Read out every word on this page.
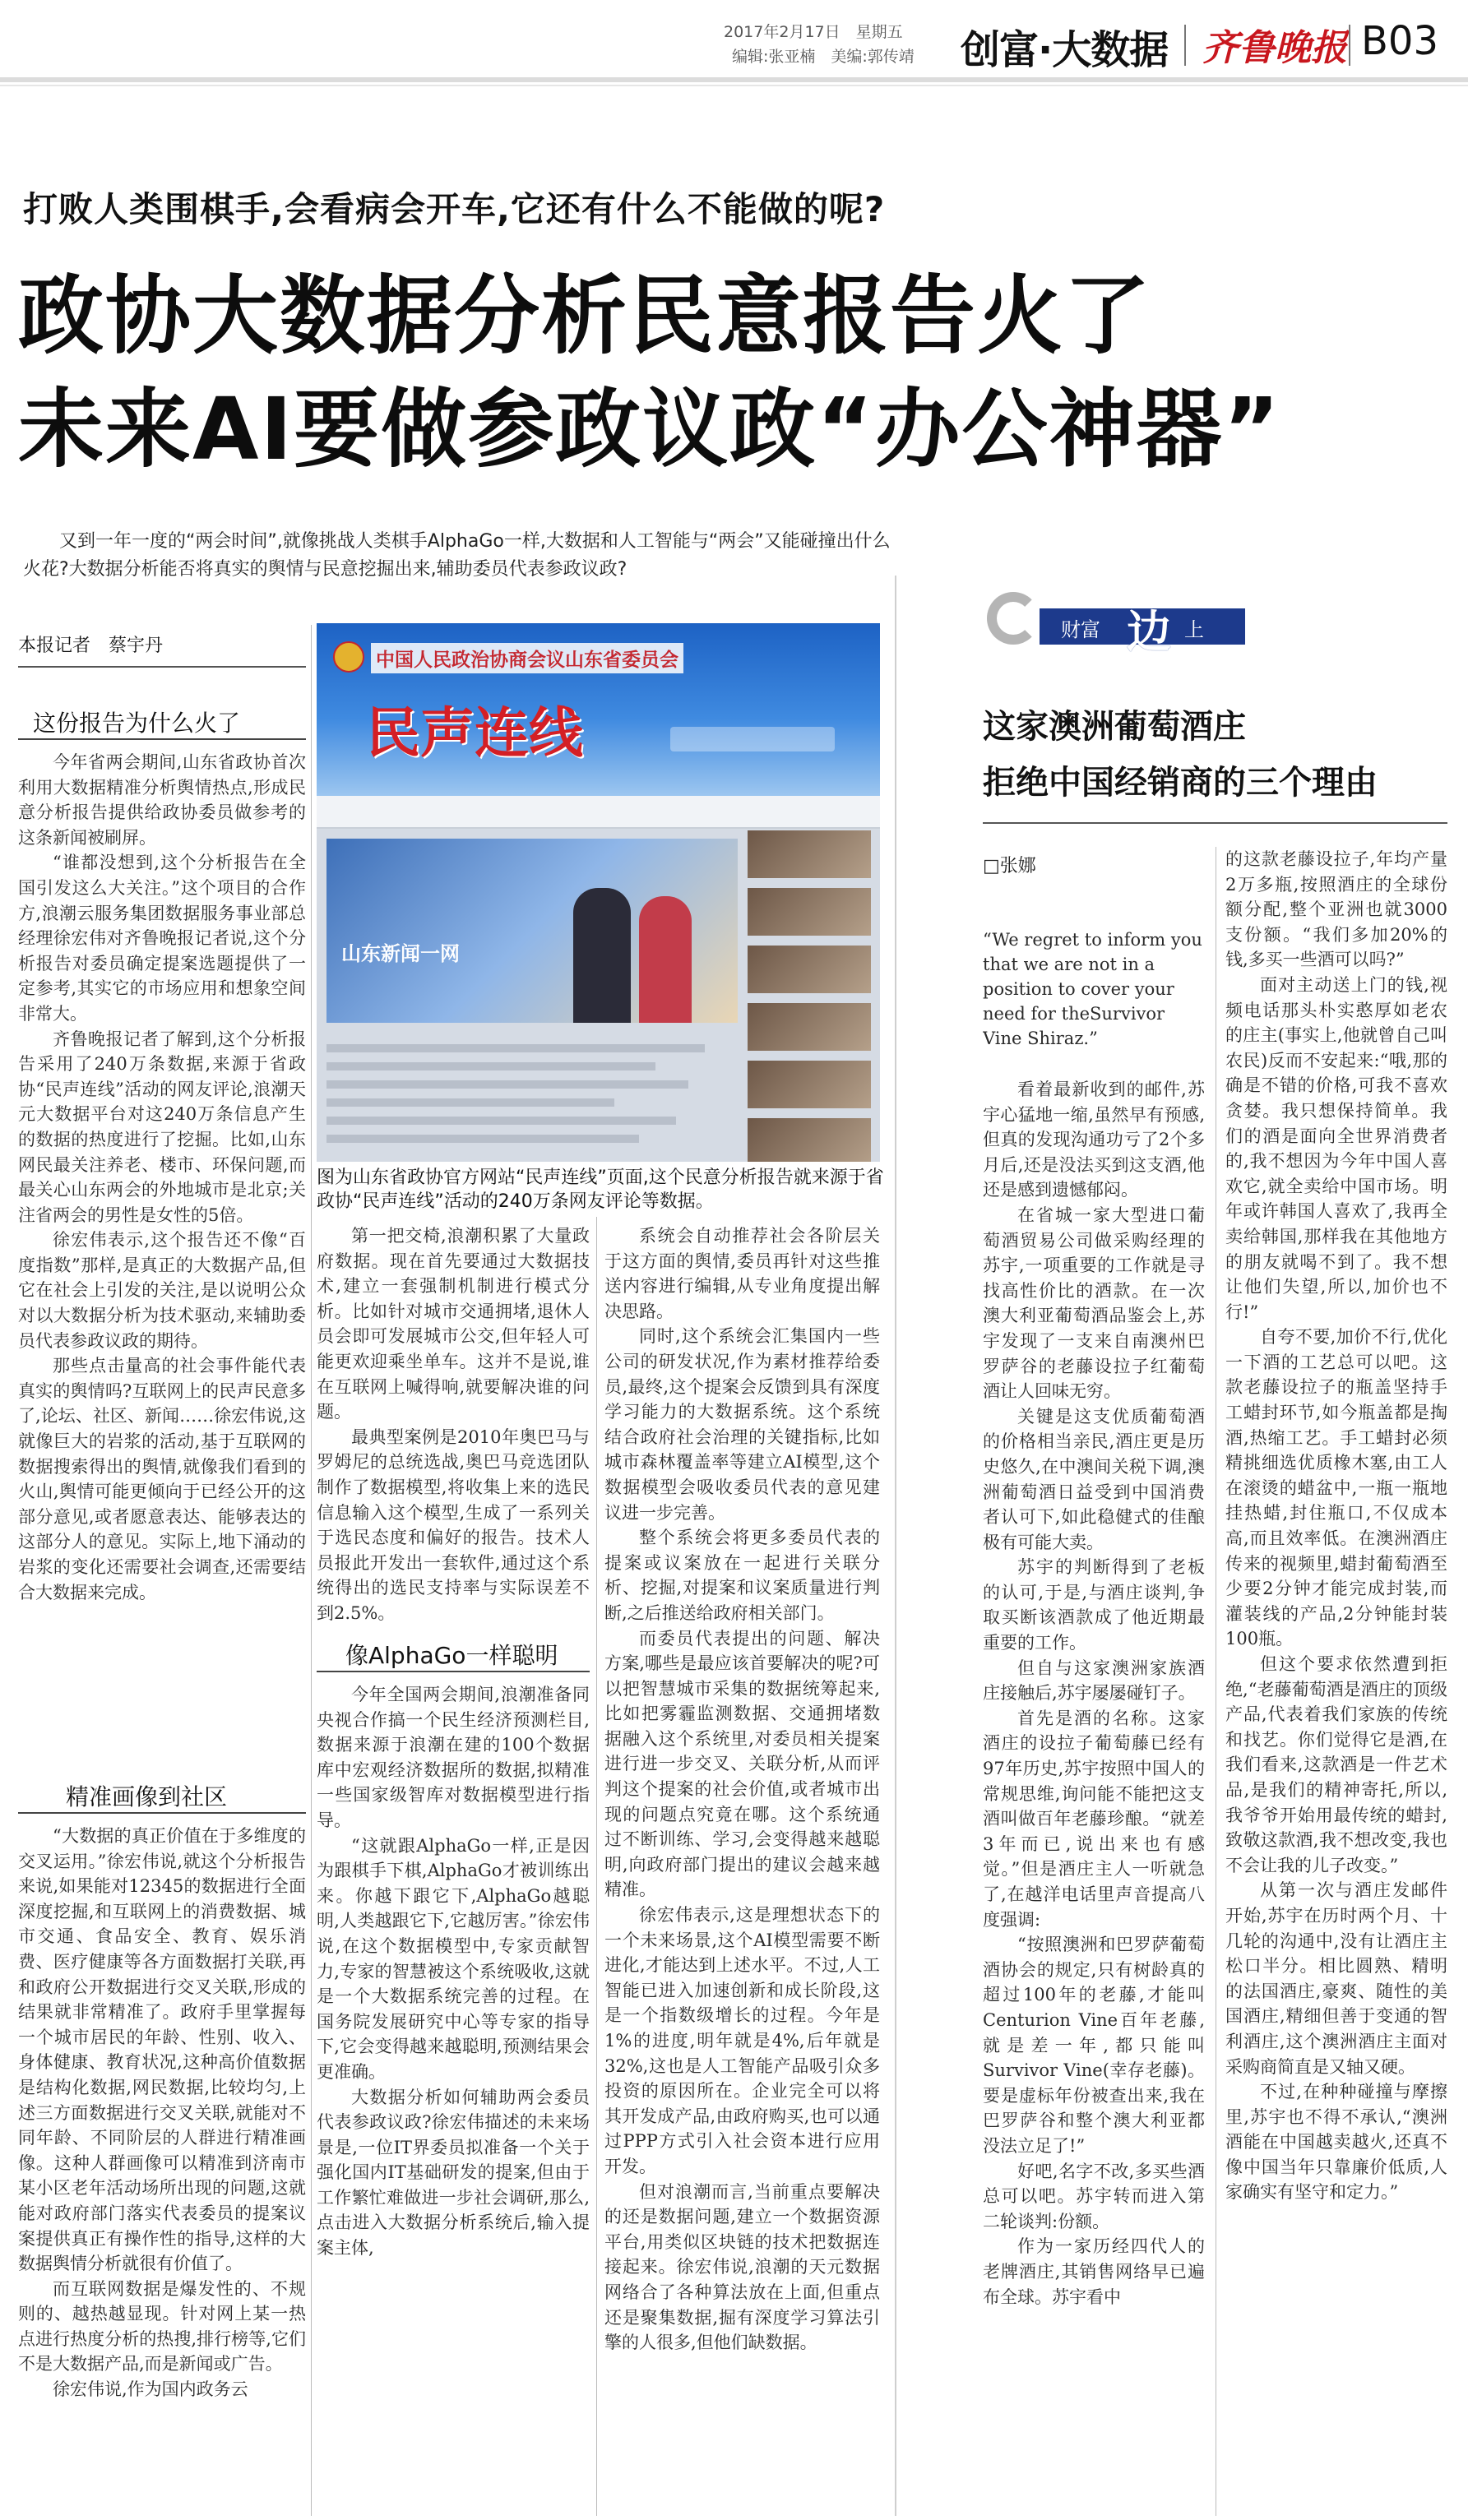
2017年2月17日　星期五
编辑:张亚楠　美编:郭传靖 创富·大数据 齐鲁晚报 B03
打败人类围棋手,会看病会开车,它还有什么不能做的呢?
政协大数据分析民意报告火了
未来AI要做参政议政“办公神器”
又到一年一度的“两会时间”,就像挑战人类棋手AlphaGo一样,大数据和人工智能与“两会”又能碰撞出什么火花?大数据分析能否将真实的舆情与民意挖掘出来,辅助委员代表参政议政?
本报记者　蔡宇丹
这份报告为什么火了

今年省两会期间,山东省政协首次利用大数据精准分析舆情热点,形成民意分析报告提供给政协委员做参考的这条新闻被刷屏。

“谁都没想到,这个分析报告在全国引发这么大关注。”这个项目的合作方,浪潮云服务集团数据服务事业部总经理徐宏伟对齐鲁晚报记者说,这个分析报告对委员确定提案选题提供了一定参考,其实它的市场应用和想象空间非常大。

齐鲁晚报记者了解到,这个分析报告采用了240万条数据,来源于省政协“民声连线”活动的网友评论,浪潮天元大数据平台对这240万条信息产生的数据的热度进行了挖掘。比如,山东网民最关注养老、楼市、环保问题,而最关心山东两会的外地城市是北京;关注省两会的男性是女性的5倍。

徐宏伟表示,这个报告还不像“百度指数”那样,是真正的大数据产品,但它在社会上引发的关注,是以说明公众对以大数据分析为技术驱动,来辅助委员代表参政议政的期待。

那些点击量高的社会事件能代表真实的舆情吗?互联网上的民声民意多了,论坛、社区、新闻……徐宏伟说,这就像巨大的岩浆的活动,基于互联网的数据搜索得出的舆情,就像我们看到的火山,舆情可能更倾向于已经公开的这部分意见,或者愿意表达、能够表达的这部分人的意见。实际上,地下涌动的岩浆的变化还需要社会调查,还需要结合大数据来完成。

精准画像到社区

“大数据的真正价值在于多维度的交叉运用。”徐宏伟说,就这个分析报告来说,如果能对12345的数据进行全面深度挖掘,和互联网上的消费数据、城市交通、食品安全、教育、娱乐消费、医疗健康等各方面数据打关联,再和政府公开数据进行交叉关联,形成的结果就非常精准了。政府手里掌握每一个城市居民的年龄、性别、收入、身体健康、教育状况,这种高价值数据是结构化数据,网民数据,比较均匀,上述三方面数据进行交叉关联,就能对不同年龄、不同阶层的人群进行精准画像。这种人群画像可以精准到济南市某小区老年活动场所出现的问题,这就能对政府部门落实代表委员的提案议案提供真正有操作性的指导,这样的大数据舆情分析就很有价值了。

而互联网数据是爆发性的、不规则的、越热越显现。针对网上某一热点进行热度分析的热搜,排行榜等,它们不是大数据产品,而是新闻或广告。

徐宏伟说,作为国内政务云

中国人民政治协商会议山东省委员会
民声连线
山东新闻一网
图为山东省政协官方网站“民声连线”页面,这个民意分析报告就来源于省政协“民声连线”活动的240万条网友评论等数据。

第一把交椅,浪潮积累了大量政府数据。现在首先要通过大数据技术,建立一套强制机制进行模式分析。比如针对城市交通拥堵,退休人员会即可发展城市公交,但年轻人可能更欢迎乘坐单车。这并不是说,谁在互联网上喊得响,就要解决谁的问题。

最典型案例是2010年奥巴马与罗姆尼的总统选战,奥巴马竞选团队制作了数据模型,将收集上来的选民信息输入这个模型,生成了一系列关于选民态度和偏好的报告。技术人员报此开发出一套软件,通过这个系统得出的选民支持率与实际误差不到2.5%。

像AlphaGo一样聪明

今年全国两会期间,浪潮准备同央视合作搞一个民生经济预测栏目,数据来源于浪潮在建的100个数据库中宏观经济数据所的数据,拟精准一些国家级智库对数据模型进行指导。

“这就跟AlphaGo一样,正是因为跟棋手下棋,AlphaGo才被训练出来。你越下跟它下,AlphaGo越聪明,人类越跟它下,它越厉害。”徐宏伟说,在这个数据模型中,专家贡献智力,专家的智慧被这个系统吸收,这就是一个大数据系统完善的过程。在国务院发展研究中心等专家的指导下,它会变得越来越聪明,预测结果会更准确。

大数据分析如何辅助两会委员代表参政议政?徐宏伟描述的未来场景是,一位IT界委员拟准备一个关于强化国内IT基础研发的提案,但由于工作繁忙难做进一步社会调研,那么,点击进入大数据分析系统后,输入提案主体,

系统会自动推荐社会各阶层关于这方面的舆情,委员再针对这些推送内容进行编辑,从专业角度提出解决思路。

同时,这个系统会汇集国内一些公司的研发状况,作为素材推荐给委员,最终,这个提案会反馈到具有深度学习能力的大数据系统。这个系统结合政府社会治理的关键指标,比如城市森林覆盖率等建立AI模型,这个数据模型会吸收委员代表的意见建议进一步完善。

整个系统会将更多委员代表的提案或议案放在一起进行关联分析、挖掘,对提案和议案质量进行判断,之后推送给政府相关部门。

而委员代表提出的问题、解决方案,哪些是最应该首要解决的呢?可以把智慧城市采集的数据统筹起来,比如把雾霾监测数据、交通拥堵数据融入这个系统里,对委员相关提案进行进一步交叉、关联分析,从而评判这个提案的社会价值,或者城市出现的问题点究竟在哪。这个系统通过不断训练、学习,会变得越来越聪明,向政府部门提出的建议会越来越精准。

徐宏伟表示,这是理想状态下的一个未来场景,这个AI模型需要不断进化,才能达到上述水平。不过,人工智能已进入加速创新和成长阶段,这是一个指数级增长的过程。今年是1%的进度,明年就是4%,后年就是32%,这也是人工智能产品吸引众多投资的原因所在。企业完全可以将其开发成产品,由政府购买,也可以通过PPP方式引入社会资本进行应用开发。

但对浪潮而言,当前重点要解决的还是数据问题,建立一个数据资源平台,用类似区块链的技术把数据连接起来。徐宏伟说,浪潮的天元数据网络合了各种算法放在上面,但重点还是聚集数据,掘有深度学习算法引擎的人很多,但他们缺数据。

财富 边 上
这家澳洲葡萄酒庄
拒绝中国经销商的三个理由
□张娜
“We regret to inform you that we are not in a position to cover your need for theSurvivor Vine Shiraz.”

看着最新收到的邮件,苏宇心猛地一缩,虽然早有预感,但真的发现沟通功亏了2个多月后,还是没法买到这支酒,他还是感到遗憾郁闷。

在省城一家大型进口葡萄酒贸易公司做采购经理的苏宇,一项重要的工作就是寻找高性价比的酒款。在一次澳大利亚葡萄酒品鉴会上,苏宇发现了一支来自南澳州巴罗萨谷的老藤设拉子红葡萄酒让人回味无穷。

关键是这支优质葡萄酒的价格相当亲民,酒庄更是历史悠久,在中澳间关税下调,澳洲葡萄酒日益受到中国消费者认可下,如此稳健式的佳酿极有可能大卖。

苏宇的判断得到了老板的认可,于是,与酒庄谈判,争取买断该酒款成了他近期最重要的工作。

但自与这家澳洲家族酒庄接触后,苏宇屡屡碰钉子。

首先是酒的名称。这家酒庄的设拉子葡萄藤已经有97年历史,苏宇按照中国人的常规思维,询问能不能把这支酒叫做百年老藤珍酿。“就差3年而已,说出来也有感觉。”但是酒庄主人一听就急了,在越洋电话里声音提高八度强调:

“按照澳洲和巴罗萨葡萄酒协会的规定,只有树龄真的超过100年的老藤,才能叫Centurion Vine百年老藤,就是差一年,都只能叫Survivor Vine(幸存老藤)。要是虚标年份被查出来,我在巴罗萨谷和整个澳大利亚都没法立足了!”

好吧,名字不改,多买些酒总可以吧。苏宇转而进入第二轮谈判:份额。

作为一家历经四代人的老牌酒庄,其销售网络早已遍布全球。苏宇看中

的这款老藤设拉子,年均产量2万多瓶,按照酒庄的全球份额分配,整个亚洲也就3000支份额。“我们多加20%的钱,多买一些酒可以吗?”

面对主动送上门的钱,视频电话那头朴实憨厚如老农的庄主(事实上,他就曾自己叫农民)反而不安起来:“哦,那的确是不错的价格,可我不喜欢贪婪。我只想保持简单。我们的酒是面向全世界消费者的,我不想因为今年中国人喜欢它,就全卖给中国市场。明年或许韩国人喜欢了,我再全卖给韩国,那样我在其他地方的朋友就喝不到了。我不想让他们失望,所以,加价也不行!”

自夸不要,加价不行,优化一下酒的工艺总可以吧。这款老藤设拉子的瓶盖坚持手工蜡封环节,如今瓶盖都是掏酒,热缩工艺。手工蜡封必须精挑细选优质橡木塞,由工人在滚烫的蜡盆中,一瓶一瓶地挂热蜡,封住瓶口,不仅成本高,而且效率低。在澳洲酒庄传来的视频里,蜡封葡萄酒至少要2分钟才能完成封装,而灌装线的产品,2分钟能封装100瓶。

但这个要求依然遭到拒绝,“老藤葡萄酒是酒庄的顶级产品,代表着我们家族的传统和找艺。你们觉得它是酒,在我们看来,这款酒是一件艺术品,是我们的精神寄托,所以,我爷爷开始用最传统的蜡封,致敬这款酒,我不想改变,我也不会让我的儿子改变。”

从第一次与酒庄发邮件开始,苏宇在历时两个月、十几轮的沟通中,没有让酒庄主松口半分。相比圆熟、精明的法国酒庄,豪爽、随性的美国酒庄,精细但善于变通的智利酒庄,这个澳洲酒庄主面对采购商简直是又轴又硬。

不过,在种种碰撞与摩擦里,苏宇也不得不承认,“澳洲酒能在中国越卖越火,还真不像中国当年只靠廉价低质,人家确实有坚守和定力。”
